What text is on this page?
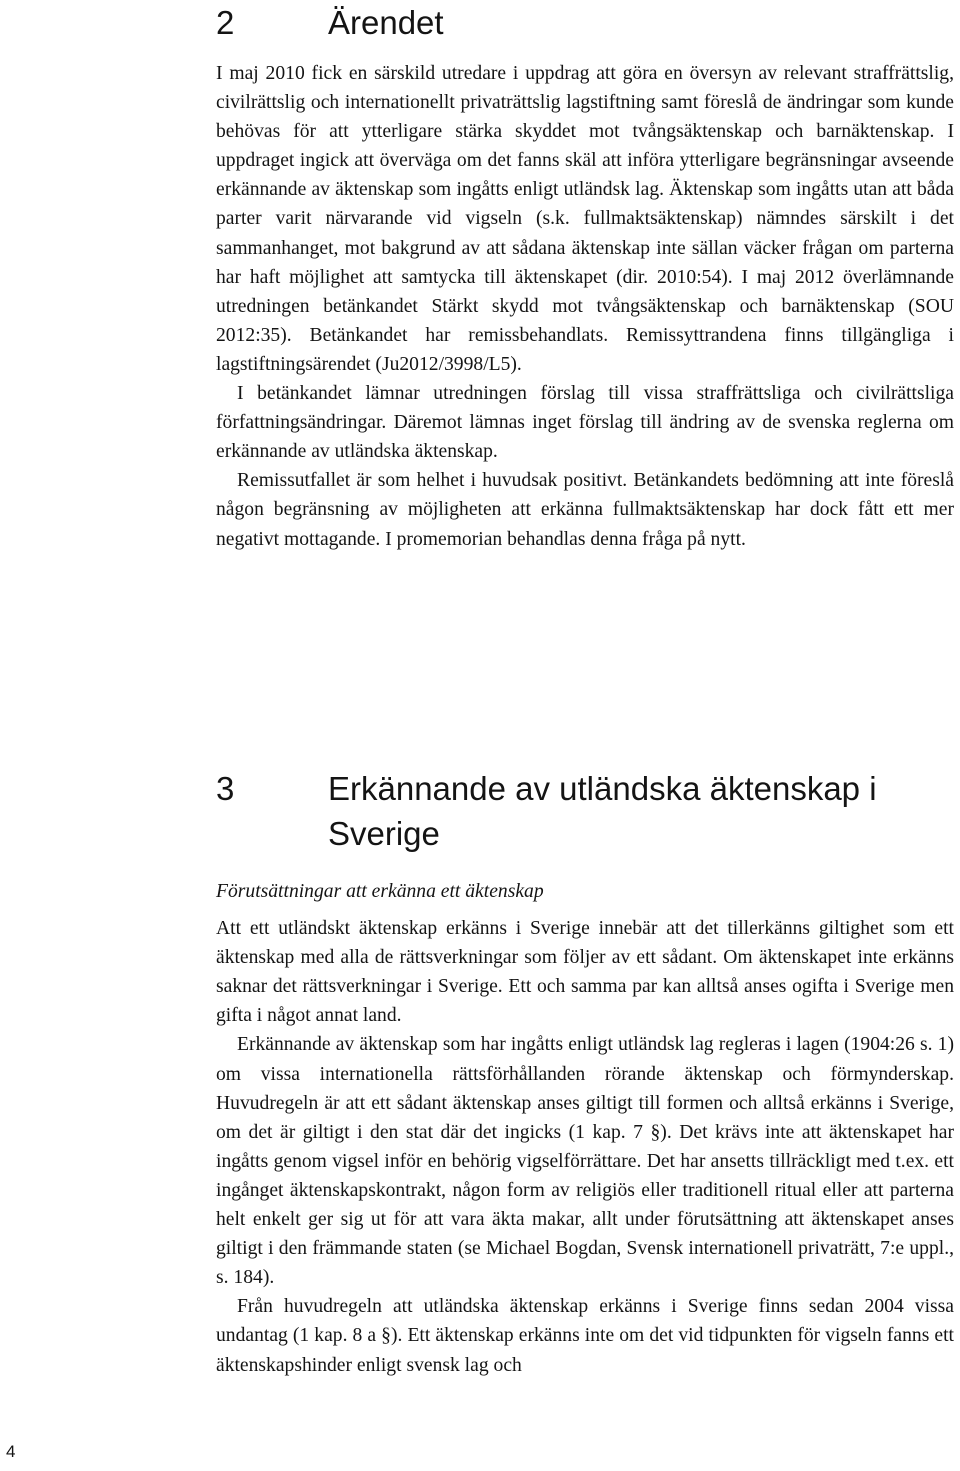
2	Ärendet

I maj 2010 fick en särskild utredare i uppdrag att göra en översyn av relevant straffrättslig, civilrättslig och internationellt privaträttslig lagstiftning samt föreslå de ändringar som kunde behövas för att ytterligare stärka skyddet mot tvångsäktenskap och barnäktenskap. I uppdraget ingick att överväga om det fanns skäl att införa ytterligare begränsningar avseende erkännande av äktenskap som ingåtts enligt utländsk lag. Äktenskap som ingåtts utan att båda parter varit närvarande vid vigseln (s.k. fullmaktsäktenskap) nämndes särskilt i det sammanhanget, mot bakgrund av att sådana äktenskap inte sällan väcker frågan om parterna har haft möjlighet att samtycka till äktenskapet (dir. 2010:54). I maj 2012 överlämnande utredningen betänkandet Stärkt skydd mot tvångsäktenskap och barnäktenskap (SOU 2012:35). Betänkandet har remissbehandlats. Remissyttrandena finns tillgängliga i lagstiftningsärendet (Ju2012/3998/L5).

I betänkandet lämnar utredningen förslag till vissa straffrättsliga och civilrättsliga författningsändringar. Däremot lämnas inget förslag till ändring av de svenska reglerna om erkännande av utländska äktenskap.

Remissutfallet är som helhet i huvudsak positivt. Betänkandets bedömning att inte föreslå någon begränsning av möjligheten att erkänna fullmaktsäktenskap har dock fått ett mer negativt mottagande. I promemorian behandlas denna fråga på nytt.

3	Erkännande av utländska äktenskap i Sverige

Förutsättningar att erkänna ett äktenskap

Att ett utländskt äktenskap erkänns i Sverige innebär att det tillerkänns giltighet som ett äktenskap med alla de rättsverkningar som följer av ett sådant. Om äktenskapet inte erkänns saknar det rättsverkningar i Sverige. Ett och samma par kan alltså anses ogifta i Sverige men gifta i något annat land.

Erkännande av äktenskap som har ingåtts enligt utländsk lag regleras i lagen (1904:26 s. 1) om vissa internationella rättsförhållanden rörande äktenskap och förmynderskap. Huvudregeln är att ett sådant äktenskap anses giltigt till formen och alltså erkänns i Sverige, om det är giltigt i den stat där det ingicks (1 kap. 7 §). Det krävs inte att äktenskapet har ingåtts genom vigsel inför en behörig vigselförrättare. Det har ansetts tillräckligt med t.ex. ett ingånget äktenskapskontrakt, någon form av religiös eller traditionell ritual eller att parterna helt enkelt ger sig ut för att vara äkta makar, allt under förutsättning att äktenskapet anses giltigt i den främmande staten (se Michael Bogdan, Svensk internationell privaträtt, 7:e uppl., s. 184).

Från huvudregeln att utländska äktenskap erkänns i Sverige finns sedan 2004 vissa undantag (1 kap. 8 a §). Ett äktenskap erkänns inte om det vid tidpunkten för vigseln fanns ett äktenskapshinder enligt svensk lag och

4
